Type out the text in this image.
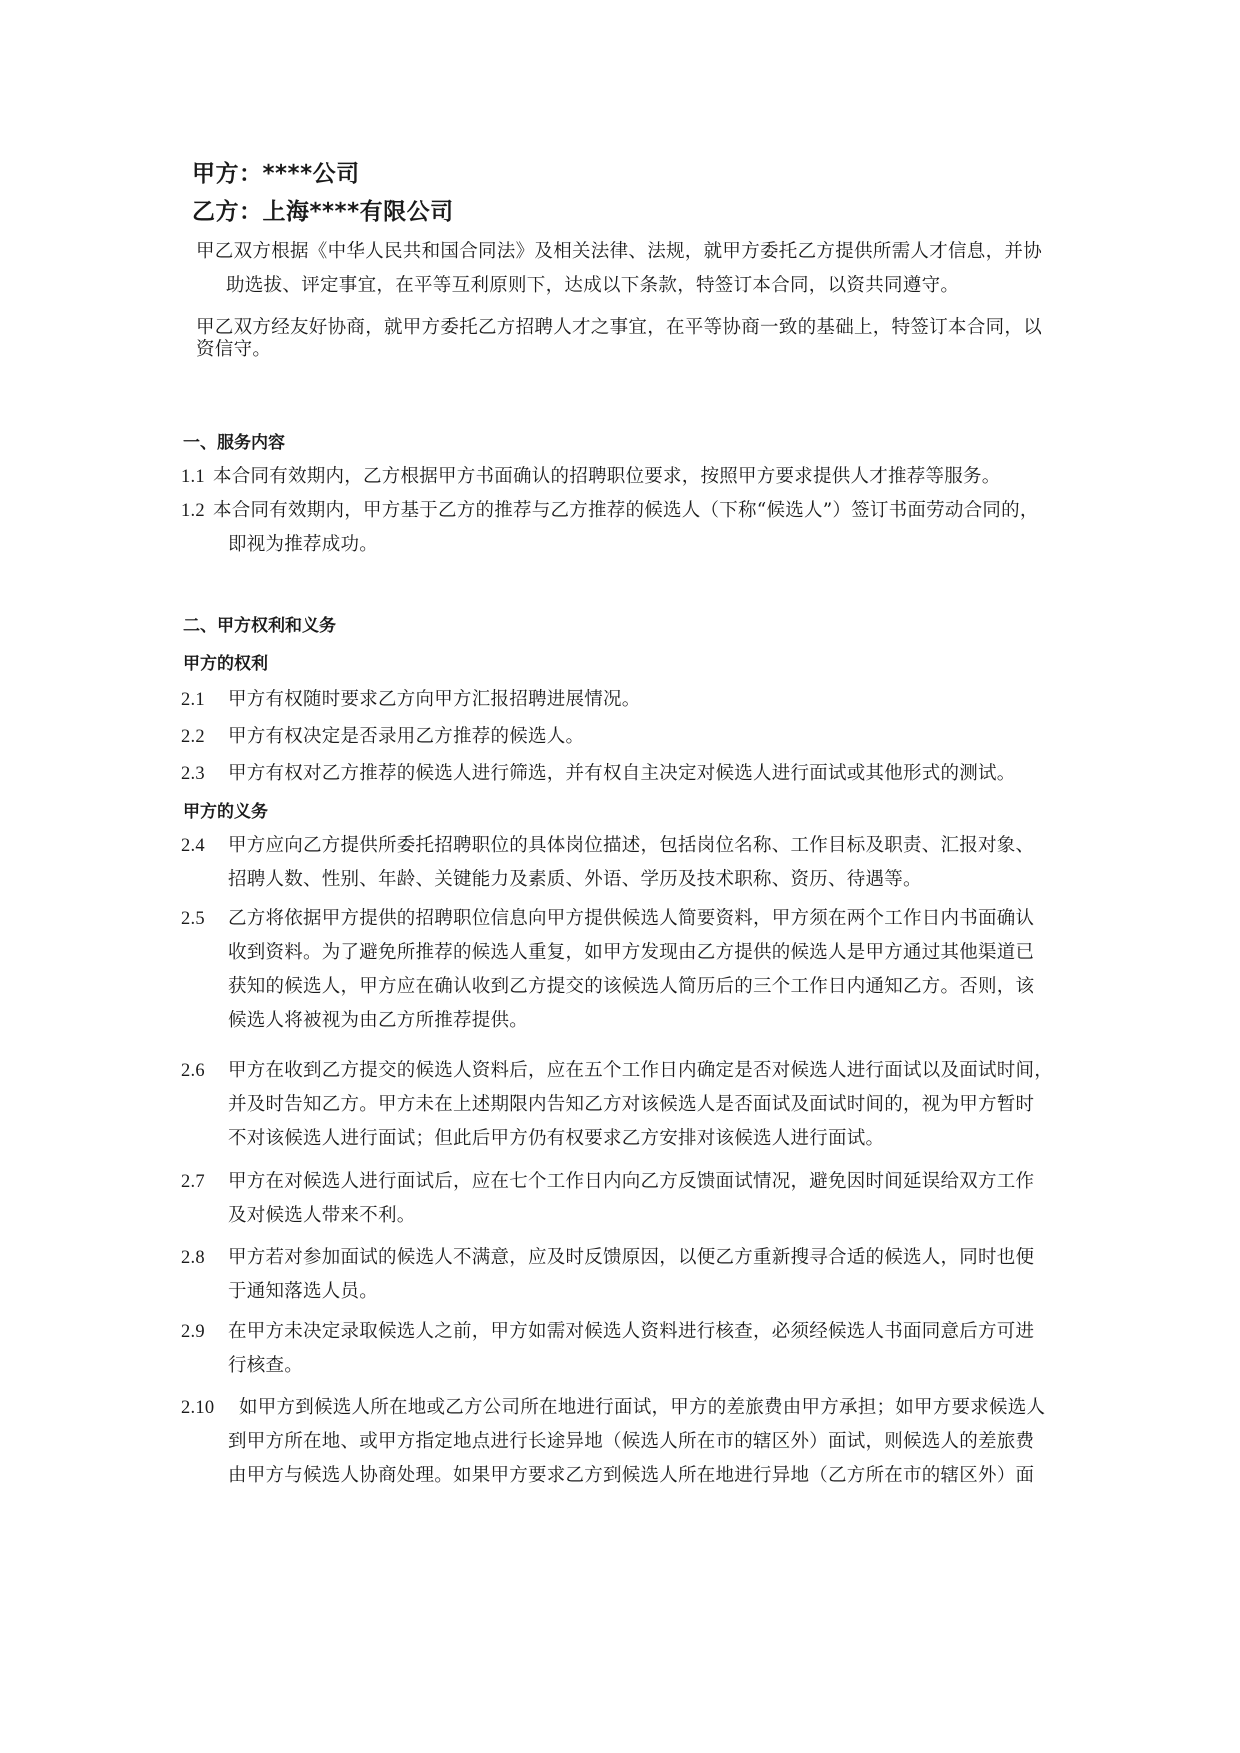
甲方：****公司
乙方：上海****有限公司
甲乙双方根据《中华人民共和国合同法》及相关法律、法规，就甲方委托乙方提供所需人才信息，并协
助选拔、评定事宜，在平等互利原则下，达成以下条款，特签订本合同，以资共同遵守。
甲乙双方经友好协商，就甲方委托乙方招聘人才之事宜，在平等协商一致的基础上，特签订本合同，以
资信守。
一、服务内容
1.1 本合同有效期内，乙方根据甲方书面确认的招聘职位要求，按照甲方要求提供人才推荐等服务。
1.2 本合同有效期内，甲方基于乙方的推荐与乙方推荐的候选人（下称“候选人”）签订书面劳动合同的，
即视为推荐成功。
二、甲方权利和义务
甲方的权利
2.1 甲方有权随时要求乙方向甲方汇报招聘进展情况。
2.2 甲方有权决定是否录用乙方推荐的候选人。
2.3 甲方有权对乙方推荐的候选人进行筛选，并有权自主决定对候选人进行面试或其他形式的测试。
甲方的义务
2.4 甲方应向乙方提供所委托招聘职位的具体岗位描述，包括岗位名称、工作目标及职责、汇报对象、
招聘人数、性别、年龄、关键能力及素质、外语、学历及技术职称、资历、待遇等。
2.5 乙方将依据甲方提供的招聘职位信息向甲方提供候选人简要资料，甲方须在两个工作日内书面确认
收到资料。为了避免所推荐的候选人重复，如甲方发现由乙方提供的候选人是甲方通过其他渠道已
获知的候选人，甲方应在确认收到乙方提交的该候选人简历后的三个工作日内通知乙方。否则，该
候选人将被视为由乙方所推荐提供。
2.6 甲方在收到乙方提交的候选人资料后，应在五个工作日内确定是否对候选人进行面试以及面试时间，
并及时告知乙方。甲方未在上述期限内告知乙方对该候选人是否面试及面试时间的，视为甲方暂时
不对该候选人进行面试；但此后甲方仍有权要求乙方安排对该候选人进行面试。
2.7 甲方在对候选人进行面试后，应在七个工作日内向乙方反馈面试情况，避免因时间延误给双方工作
及对候选人带来不利。
2.8 甲方若对参加面试的候选人不满意，应及时反馈原因，以便乙方重新搜寻合适的候选人，同时也便
于通知落选人员。
2.9 在甲方未决定录取候选人之前，甲方如需对候选人资料进行核查，必须经候选人书面同意后方可进
行核查。
2.10 如甲方到候选人所在地或乙方公司所在地进行面试，甲方的差旅费由甲方承担；如甲方要求候选人
到甲方所在地、或甲方指定地点进行长途异地（候选人所在市的辖区外）面试，则候选人的差旅费
由甲方与候选人协商处理。如果甲方要求乙方到候选人所在地进行异地（乙方所在市的辖区外）面
